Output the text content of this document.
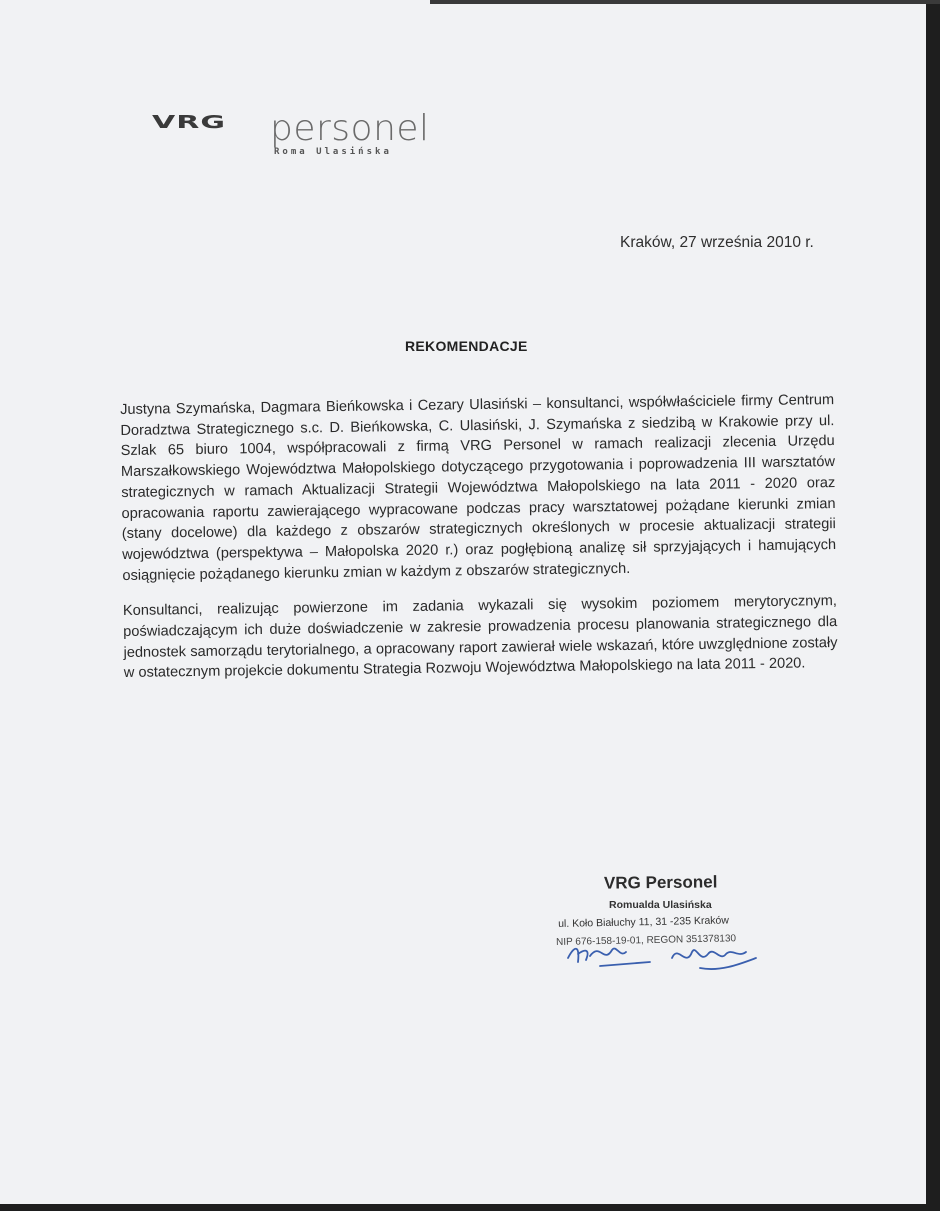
VRG personel
Roma Ulasińska
Kraków, 27 września 2010 r.
REKOMENDACJE

Justyna Szymańska, Dagmara Bieńkowska i Cezary Ulasiński – konsultanci, współwłaściciele firmy Centrum Doradztwa Strategicznego s.c. D. Bieńkowska, C. Ulasiński, J. Szymańska z siedzibą w Krakowie przy ul. Szlak 65 biuro 1004, współpracowali z firmą VRG Personel w ramach realizacji zlecenia Urzędu Marszałkowskiego Województwa Małopolskiego dotyczącego przygotowania i poprowadzenia III warsztatów strategicznych w ramach Aktualizacji Strategii Województwa Małopolskiego na lata 2011 - 2020 oraz opracowania raportu zawierającego wypracowane podczas pracy warsztatowej pożądane kierunki zmian (stany docelowe) dla każdego z obszarów strategicznych określonych w procesie aktualizacji strategii województwa (perspektywa – Małopolska 2020 r.) oraz pogłębioną analizę sił sprzyjających i hamujących osiągnięcie pożądanego kierunku zmian w każdym z obszarów strategicznych.

Konsultanci, realizując powierzone im zadania wykazali się wysokim poziomem merytorycznym, poświadczającym ich duże doświadczenie w zakresie prowadzenia procesu planowania strategicznego dla jednostek samorządu terytorialnego, a opracowany raport zawierał wiele wskazań, które uwzględnione zostały w ostatecznym projekcie dokumentu Strategia Rozwoju Województwa Małopolskiego na lata 2011 - 2020.

VRG Personel
Romualda Ulasińska
ul. Koło Białuchy 11, 31 -235 Kraków
NIP 676-158-19-01, REGON 351378130
